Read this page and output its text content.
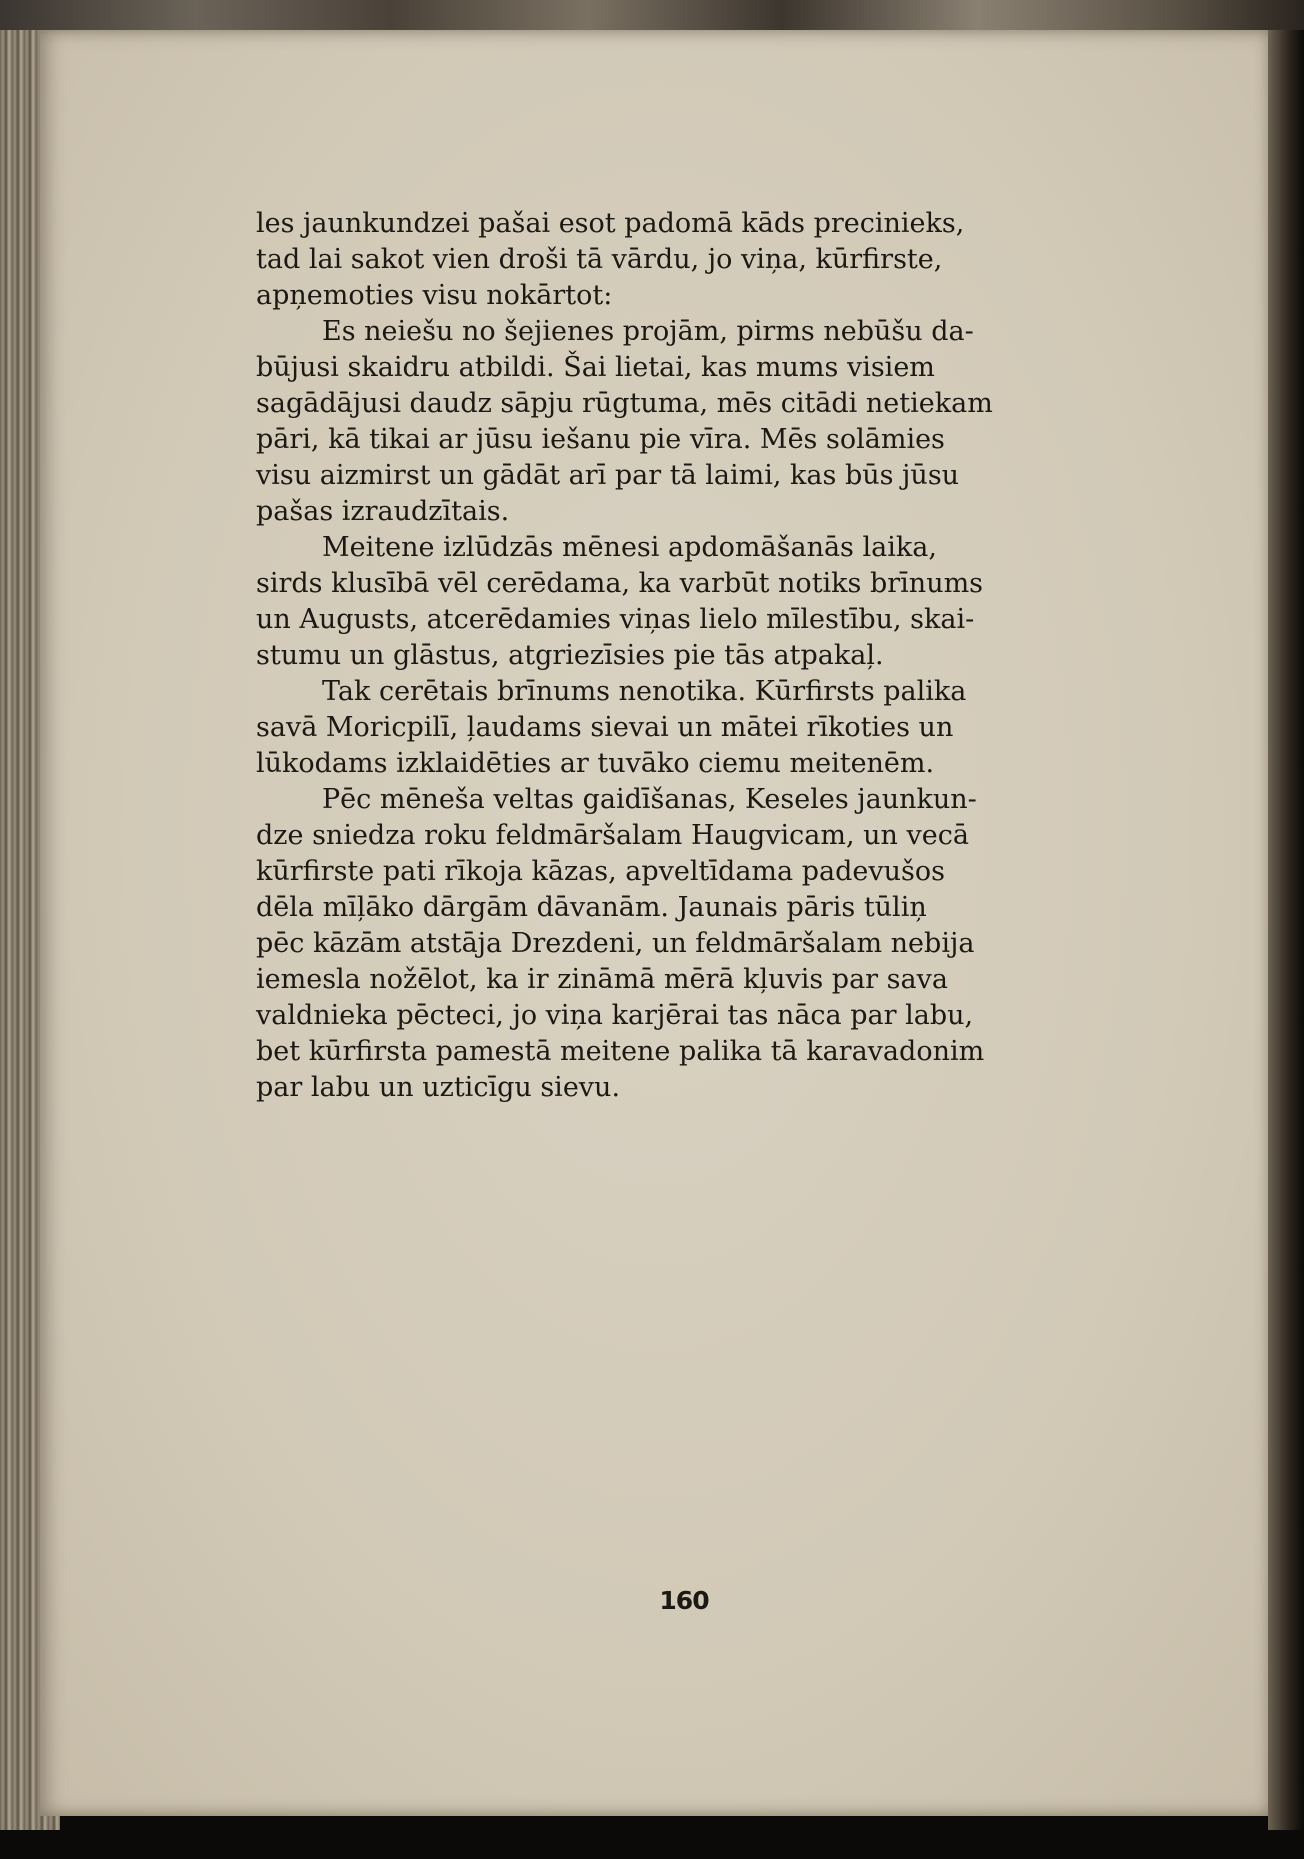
les jaunkundzei pašai esot padomā kāds precinieks,
tad lai sakot vien droši tā vārdu, jo viņa, kūrfirste,
apņemoties visu nokārtot:

Es neiešu no šejienes projām, pirms nebūšu da-
būjusi skaidru atbildi. Šai lietai, kas mums visiem
sagādājusi daudz sāpju rūgtuma, mēs citādi netiekam
pāri, kā tikai ar jūsu iešanu pie vīra. Mēs solāmies
visu aizmirst un gādāt arī par tā laimi, kas būs jūsu
pašas izraudzītais.

Meitene izlūdzās mēnesi apdomāšanās laika,
sirds klusībā vēl cerēdama, ka varbūt notiks brīnums
un Augusts, atcerēdamies viņas lielo mīlestību, skai-
stumu un glāstus, atgriezīsies pie tās atpakaļ.

Tak cerētais brīnums nenotika. Kūrfirsts palika
savā Moricpilī, ļaudams sievai un mātei rīkoties un
lūkodams izklaidēties ar tuvāko ciemu meitenēm.

Pēc mēneša veltas gaidīšanas, Keseles jaunkun-
dze sniedza roku feldmāršalam Haugvicam, un vecā
kūrfirste pati rīkoja kāzas, apveltīdama padevušos
dēla mīļāko dārgām dāvanām. Jaunais pāris tūliņ
pēc kāzām atstāja Drezdeni, un feldmāršalam nebija
iemesla nožēlot, ka ir zināmā mērā kļuvis par sava
valdnieka pēcteci, jo viņa karjērai tas nāca par labu,
bet kūrfirsta pamestā meitene palika tā karavadonim
par labu un uzticīgu sievu.

160
